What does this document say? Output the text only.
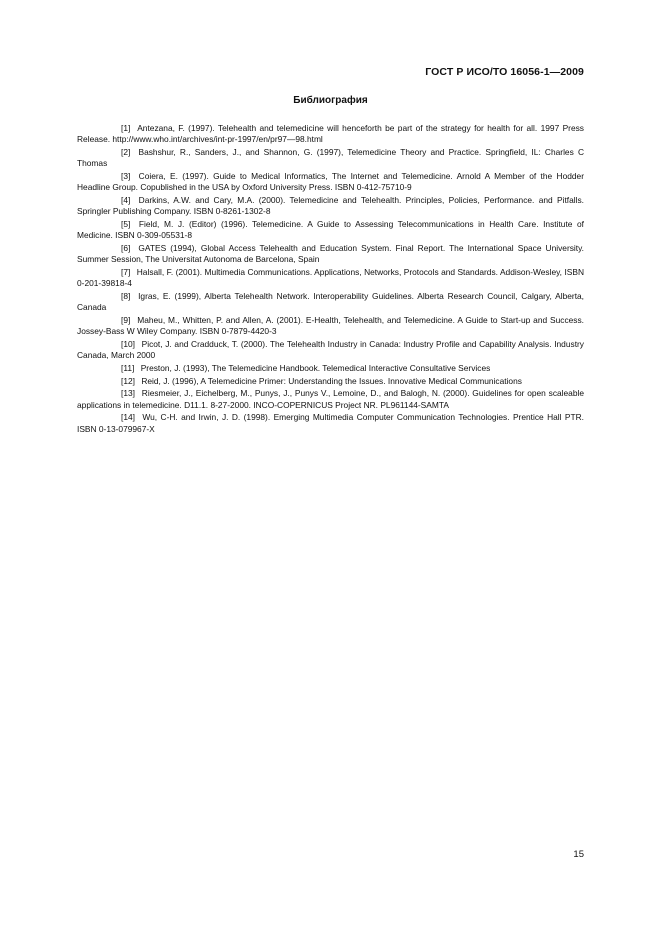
ГОСТ Р ИСО/ТО 16056-1—2009
Библиография
[1] Antezana, F. (1997). Telehealth and telemedicine will henceforth be part of the strategy for health for all. 1997 Press Release. http://www.who.int/archives/int-pr-1997/en/pr97—98.html
[2] Bashshur, R., Sanders, J., and Shannon, G. (1997), Telemedicine Theory and Practice. Springfield, IL: Charles C Thomas
[3] Coiera, E. (1997). Guide to Medical Informatics, The Internet and Telemedicine. Arnold A Member of the Hodder Headline Group. Copublished in the USA by Oxford University Press. ISBN 0-412-75710-9
[4] Darkins, A.W. and Cary, M.A. (2000). Telemedicine and Telehealth. Principles, Policies, Performance. and Pitfalls. Springler Publishing Company. ISBN 0-8261-1302-8
[5] Field, M. J. (Editor) (1996). Telemedicine. A Guide to Assessing Telecommunications in Health Care. Institute of Medicine. ISBN 0-309-05531-8
[6] GATES (1994), Global Access Telehealth and Education System. Final Report. The International Space University. Summer Session, The Universitat Autonoma de Barcelona, Spain
[7] Halsall, F. (2001). Multimedia Communications. Applications, Networks, Protocols and Standards. Addison-Wesley, ISBN 0-201-39818-4
[8] Igras, E. (1999), Alberta Telehealth Network. Interoperability Guidelines. Alberta Research Council, Calgary, Alberta, Canada
[9] Maheu, M., Whitten, P. and Allen, A. (2001). E-Health, Telehealth, and Telemedicine. A Guide to Start-up and Success. Jossey-Bass W Wiley Company. ISBN 0-7879-4420-3
[10] Picot, J. and Cradduck, T. (2000). The Telehealth Industry in Canada: Industry Profile and Capability Analysis. Industry Canada, March 2000
[11] Preston, J. (1993), The Telemedicine Handbook. Telemedical Interactive Consultative Services
[12] Reid, J. (1996), A Telemedicine Primer: Understanding the Issues. Innovative Medical Communications
[13] Riesmeier, J., Eichelberg, M., Punys, J., Punys V., Lemoine, D., and Balogh, N. (2000). Guidelines for open scaleable applications in telemedicine. D11.1. 8-27-2000. INCO-COPERNICUS Project NR. PL961144-SAMTA
[14] Wu, C-H. and Irwin, J. D. (1998). Emerging Multimedia Computer Communication Technologies. Prentice Hall PTR. ISBN 0-13-079967-X
15
